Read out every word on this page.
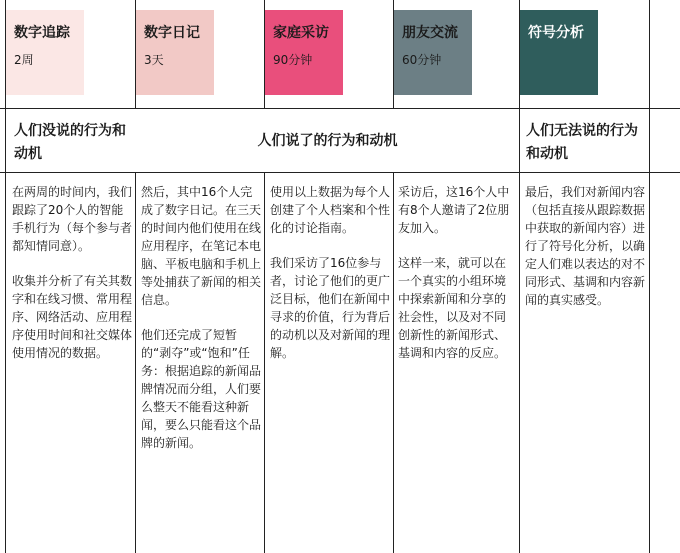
数字追踪
2周
数字日记
3天
家庭采访
90分钟
朋友交流
60分钟
符号分析
人们没说的行为和动机
人们说了的行为和动机
人们无法说的行为和动机

在两周的时间内，我们跟踪了20个人的智能手机行为（每个参与者都知情同意）。

收集并分析了有关其数字和在线习惯、常用程序、网络活动、应用程序使用时间和社交媒体使用情况的数据。

然后，其中16个人完成了数字日记。在三天的时间内他们使用在线应用程序，在笔记本电脑、平板电脑和手机上等处捕获了新闻的相关信息。

他们还完成了短暂的“剥夺”或“饱和”任务：根据追踪的新闻品牌情况而分组，人们要么整天不能看这种新闻，要么只能看这个品牌的新闻。

使用以上数据为每个人创建了个人档案和个性化的讨论指南。

我们采访了16位参与者，讨论了他们的更广泛目标，他们在新闻中寻求的价值，行为背后的动机以及对新闻的理解。

采访后，这16个人中有8个人邀请了2位朋友加入。

这样一来，就可以在一个真实的小组环境中探索新闻和分享的社会性，以及对不同创新性的新闻形式、基调和内容的反应。

最后，我们对新闻内容（包括直接从跟踪数据中获取的新闻内容）进行了符号化分析，以确定人们难以表达的对不同形式、基调和内容新闻的真实感受。
